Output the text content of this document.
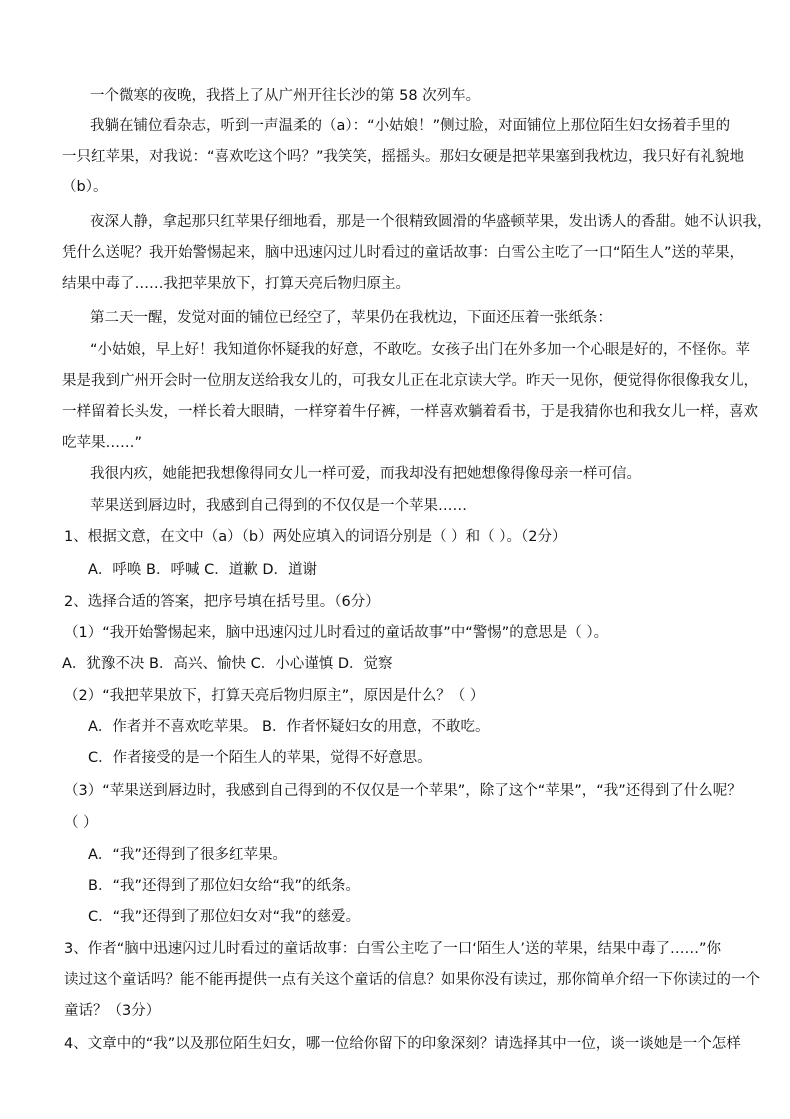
一个微寒的夜晚，我搭上了从广州开往长沙的第 58 次列车。
我躺在铺位看杂志，听到一声温柔的（a）：“小姑娘！”侧过脸，对面铺位上那位陌生妇女扬着手里的
一只红苹果，对我说：“喜欢吃这个吗？”我笑笑，摇摇头。那妇女硬是把苹果塞到我枕边，我只好有礼貌地
（b）。
夜深人静，拿起那只红苹果仔细地看，那是一个很精致圆滑的华盛顿苹果，发出诱人的香甜。她不认识我，
凭什么送呢？我开始警惕起来，脑中迅速闪过儿时看过的童话故事：白雪公主吃了一口“陌生人”送的苹果，
结果中毒了……我把苹果放下，打算天亮后物归原主。
第二天一醒，发觉对面的铺位已经空了，苹果仍在我枕边，下面还压着一张纸条：
“小姑娘，早上好！我知道你怀疑我的好意，不敢吃。女孩子出门在外多加一个心眼是好的，不怪你。苹
果是我到广州开会时一位朋友送给我女儿的，可我女儿正在北京读大学。昨天一见你，便觉得你很像我女儿，
一样留着长头发，一样长着大眼睛，一样穿着牛仔裤，一样喜欢躺着看书，于是我猜你也和我女儿一样，喜欢
吃苹果……”
我很内疚，她能把我想像得同女儿一样可爱，而我却没有把她想像得像母亲一样可信。
苹果送到唇边时，我感到自己得到的不仅仅是一个苹果……
1、根据文意，在文中（a）（b）两处应填入的词语分别是（ ）和（ ）。（2分）
A．呼唤 B．呼喊 C．道歉 D．道谢
2、选择合适的答案，把序号填在括号里。（6分）
（1）“我开始警惕起来，脑中迅速闪过儿时看过的童话故事”中“警惕”的意思是（ ）。
A．犹豫不决 B．高兴、愉快 C．小心谨慎 D．觉察
（2）“我把苹果放下，打算天亮后物归原主”，原因是什么？（ ）
A．作者并不喜欢吃苹果。 B．作者怀疑妇女的用意，不敢吃。
C．作者接受的是一个陌生人的苹果，觉得不好意思。
（3）“苹果送到唇边时，我感到自己得到的不仅仅是一个苹果”，除了这个“苹果”，“我”还得到了什么呢？
（ ）
A．“我”还得到了很多红苹果。
B．“我”还得到了那位妇女给“我”的纸条。
C．“我”还得到了那位妇女对“我”的慈爱。
3、作者“脑中迅速闪过儿时看过的童话故事：白雪公主吃了一口‘陌生人’送的苹果，结果中毒了……”你
读过这个童话吗？能不能再提供一点有关这个童话的信息？如果你没有读过，那你简单介绍一下你读过的一个
童话？（3分）
4、文章中的“我”以及那位陌生妇女，哪一位给你留下的印象深刻？请选择其中一位，谈一谈她是一个怎样
